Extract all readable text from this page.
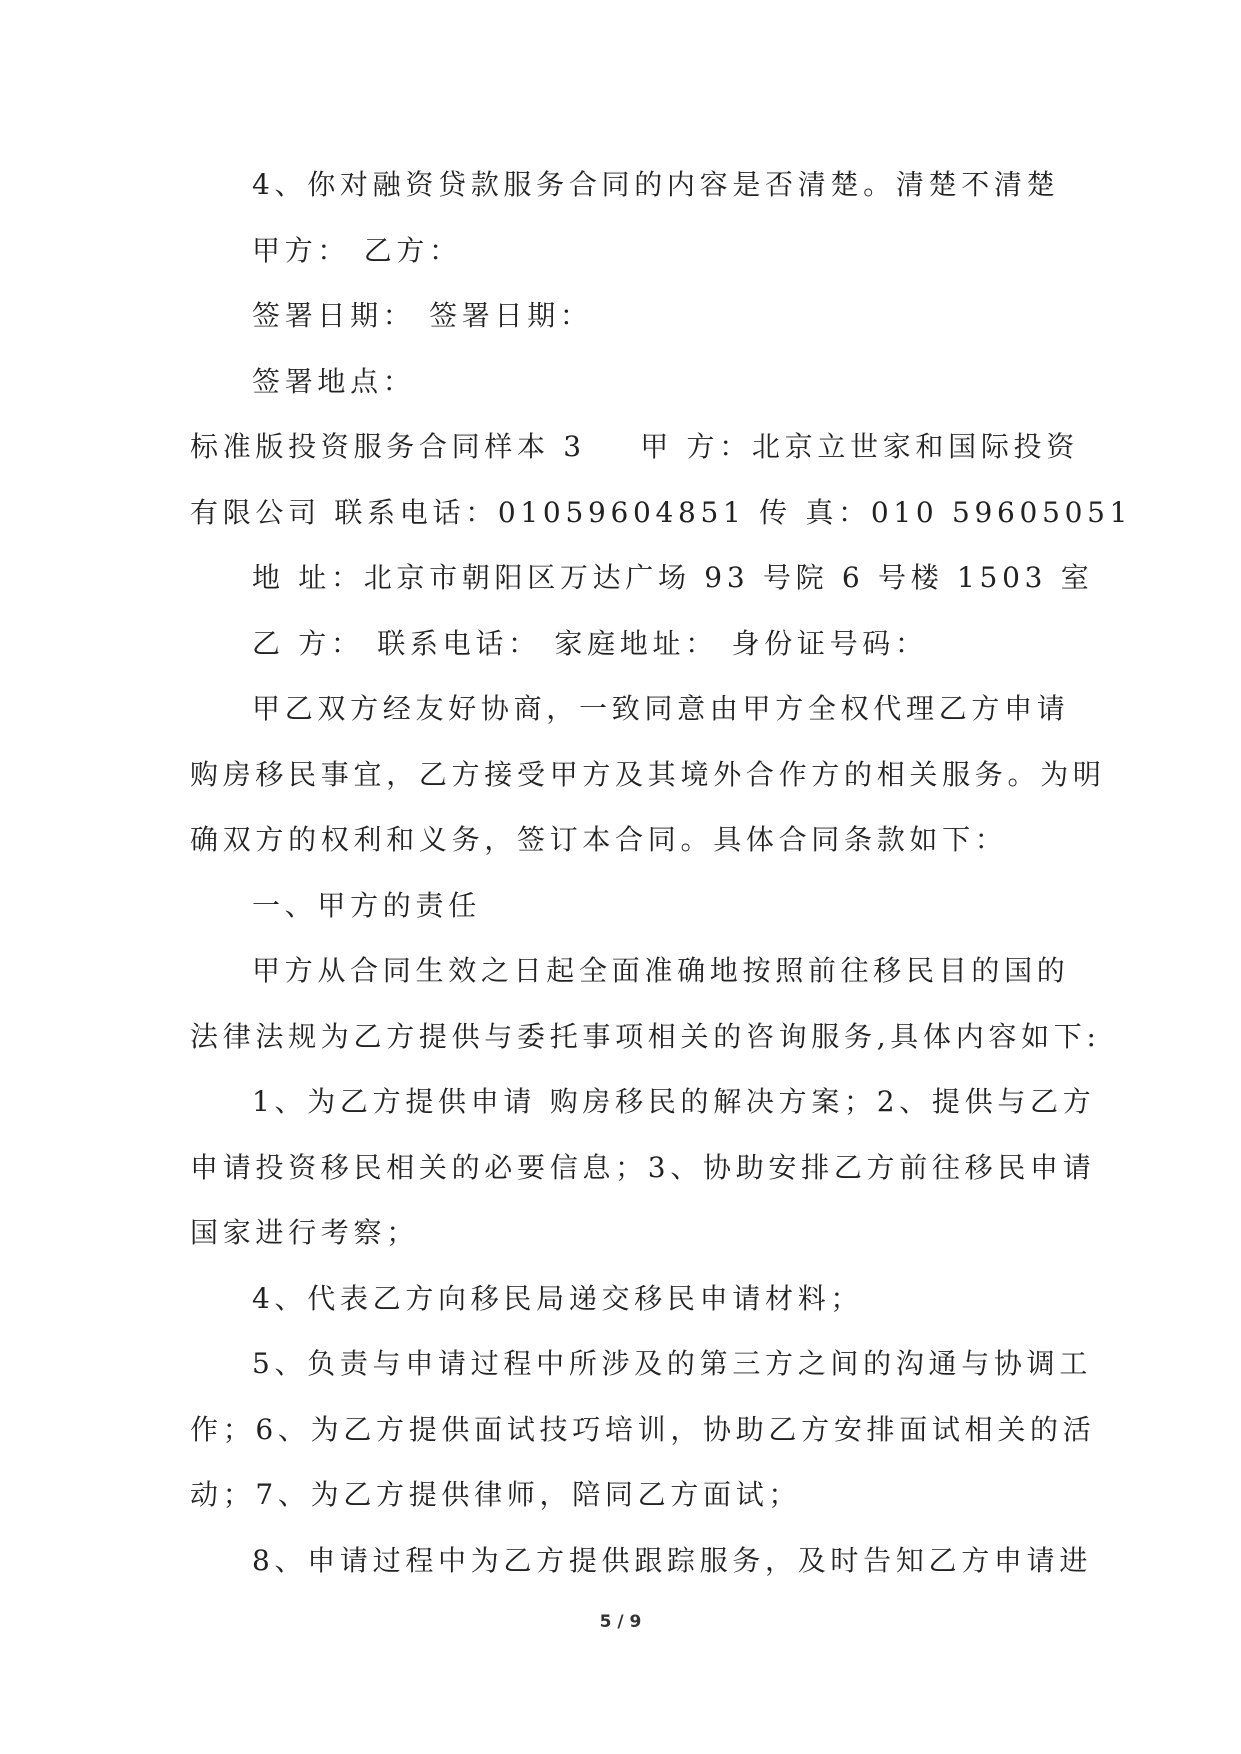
4、你对融资贷款服务合同的内容是否清楚。清楚不清楚
甲方： 乙方：
签署日期： 签署日期：
签署地点：
标准版投资服务合同样本 3    甲 方：北京立世家和国际投资
有限公司 联系电话：01059604851 传 真：010 59605051
地 址：北京市朝阳区万达广场 93 号院 6 号楼 1503 室
乙 方： 联系电话： 家庭地址： 身份证号码：
甲乙双方经友好协商，一致同意由甲方全权代理乙方申请
购房移民事宜，乙方接受甲方及其境外合作方的相关服务。为明
确双方的权利和义务，签订本合同。具体合同条款如下：
一、甲方的责任
甲方从合同生效之日起全面准确地按照前往移民目的国的
法律法规为乙方提供与委托事项相关的咨询服务,具体内容如下:
1、为乙方提供申请 购房移民的解决方案；2、提供与乙方
申请投资移民相关的必要信息；3、协助安排乙方前往移民申请
国家进行考察；
4、代表乙方向移民局递交移民申请材料；
5、负责与申请过程中所涉及的第三方之间的沟通与协调工
作；6、为乙方提供面试技巧培训，协助乙方安排面试相关的活
动；7、为乙方提供律师，陪同乙方面试；
8、申请过程中为乙方提供跟踪服务，及时告知乙方申请进
5 / 9
